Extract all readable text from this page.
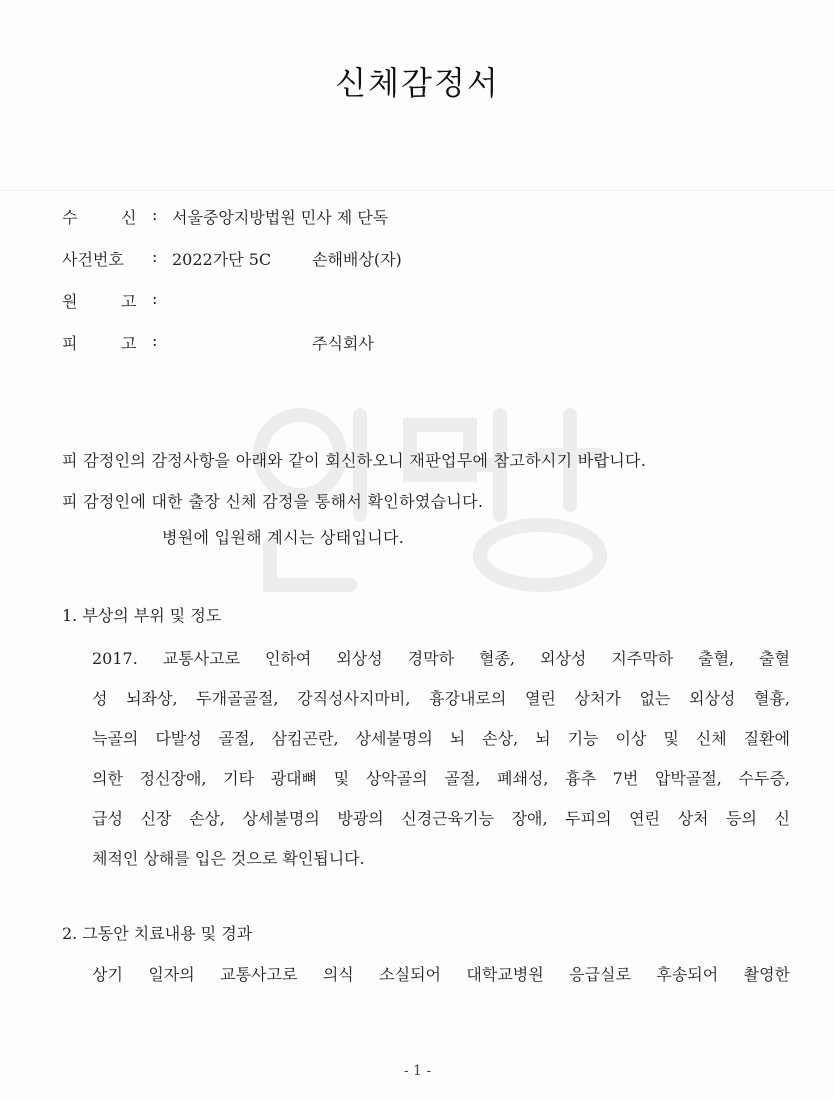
신체감정서
수	신 : 서울중앙지방법원 민사 제 단독
사건번호 : 2022가단 5C	손해배상(자)
원	고 :
피	고 :	주식회사
피 감정인의 감정사항을 아래와 같이 회신하오니 재판업무에 참고하시기 바랍니다.
피 감정인에 대한 출장 신체 감정을 통해서 확인하였습니다.
병원에 입원해 계시는 상태입니다.
1. 부상의 부위 및 정도
2017. 교통사고로 인하여 외상성 경막하 혈종, 외상성 지주막하 출혈, 출혈
성 뇌좌상, 두개골골절, 강직성사지마비, 흉강내로의 열린 상처가 없는 외상성 혈흉,
늑골의 다발성 골절, 삼킴곤란, 상세불명의 뇌 손상, 뇌 기능 이상 및 신체 질환에
의한 정신장애, 기타 광대뼈 및 상악골의 골절, 폐쇄성, 흉추 7번 압박골절, 수두증,
급성 신장 손상, 상세불명의 방광의 신경근육기능 장애, 두피의 연린 상처 등의 신
체적인 상해를 입은 것으로 확인됩니다.
2. 그동안 치료내용 및 경과
상기 일자의 교통사고로 의식 소실되어 대학교병원 응급실로 후송되어 촬영한
- 1 -
